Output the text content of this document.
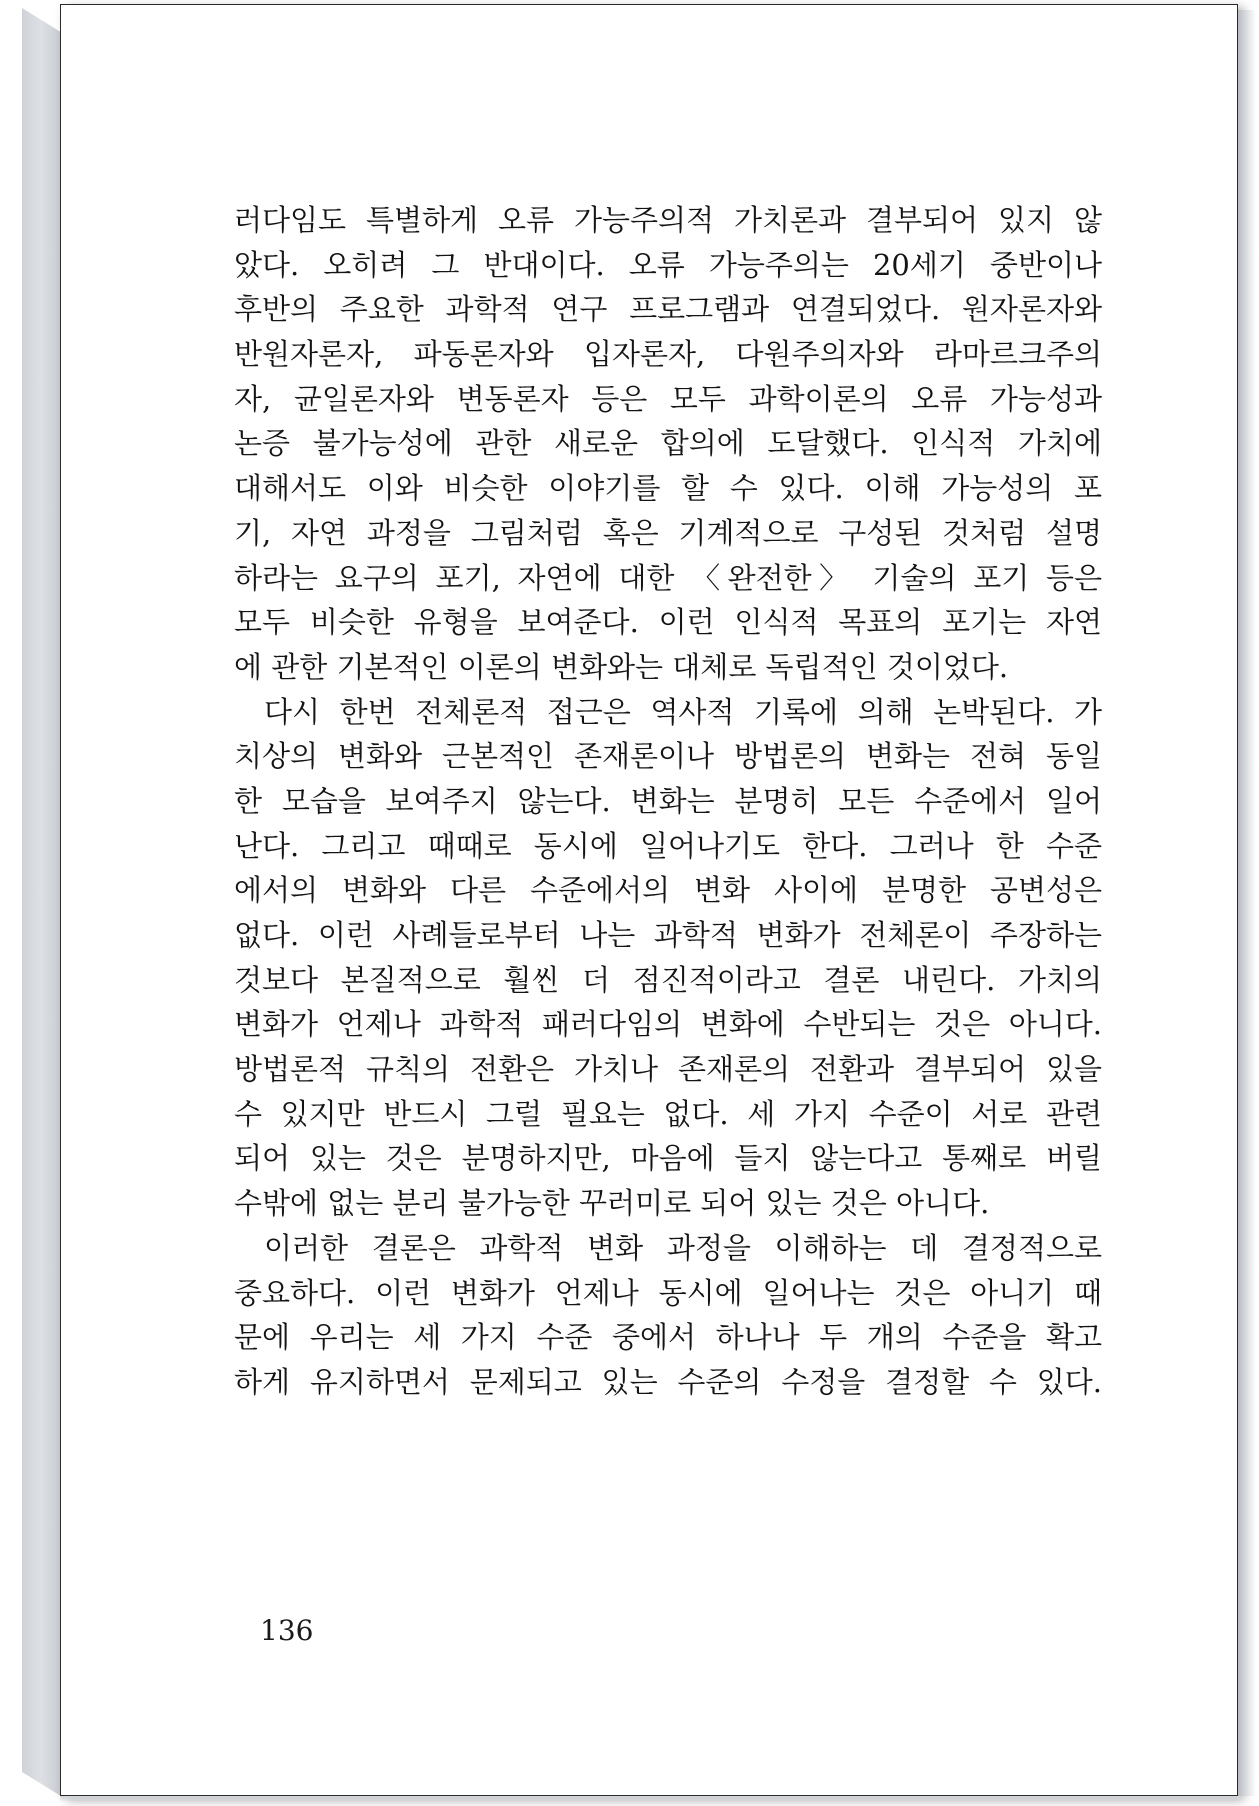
러다임도 특별하게 오류 가능주의적 가치론과 결부되어 있지 않
았다. 오히려 그 반대이다. 오류 가능주의는 20세기 중반이나
후반의 주요한 과학적 연구 프로그램과 연결되었다. 원자론자와
반원자론자, 파동론자와 입자론자, 다원주의자와 라마르크주의
자, 균일론자와 변동론자 등은 모두 과학이론의 오류 가능성과
논증 불가능성에 관한 새로운 합의에 도달했다. 인식적 가치에
대해서도 이와 비슷한 이야기를 할 수 있다. 이해 가능성의 포
기, 자연 과정을 그림처럼 혹은 기계적으로 구성된 것처럼 설명
하라는 요구의 포기, 자연에 대한 〈완전한〉 기술의 포기 등은
모두 비슷한 유형을 보여준다. 이런 인식적 목표의 포기는 자연
에 관한 기본적인 이론의 변화와는 대체로 독립적인 것이었다.
다시 한번 전체론적 접근은 역사적 기록에 의해 논박된다. 가
치상의 변화와 근본적인 존재론이나 방법론의 변화는 전혀 동일
한 모습을 보여주지 않는다. 변화는 분명히 모든 수준에서 일어
난다. 그리고 때때로 동시에 일어나기도 한다. 그러나 한 수준
에서의 변화와 다른 수준에서의 변화 사이에 분명한 공변성은
없다. 이런 사례들로부터 나는 과학적 변화가 전체론이 주장하는
것보다 본질적으로 훨씬 더 점진적이라고 결론 내린다. 가치의
변화가 언제나 과학적 패러다임의 변화에 수반되는 것은 아니다.
방법론적 규칙의 전환은 가치나 존재론의 전환과 결부되어 있을
수 있지만 반드시 그럴 필요는 없다. 세 가지 수준이 서로 관련
되어 있는 것은 분명하지만, 마음에 들지 않는다고 통째로 버릴
수밖에 없는 분리 불가능한 꾸러미로 되어 있는 것은 아니다.
이러한 결론은 과학적 변화 과정을 이해하는 데 결정적으로
중요하다. 이런 변화가 언제나 동시에 일어나는 것은 아니기 때
문에 우리는 세 가지 수준 중에서 하나나 두 개의 수준을 확고
하게 유지하면서 문제되고 있는 수준의 수정을 결정할 수 있다.
136
